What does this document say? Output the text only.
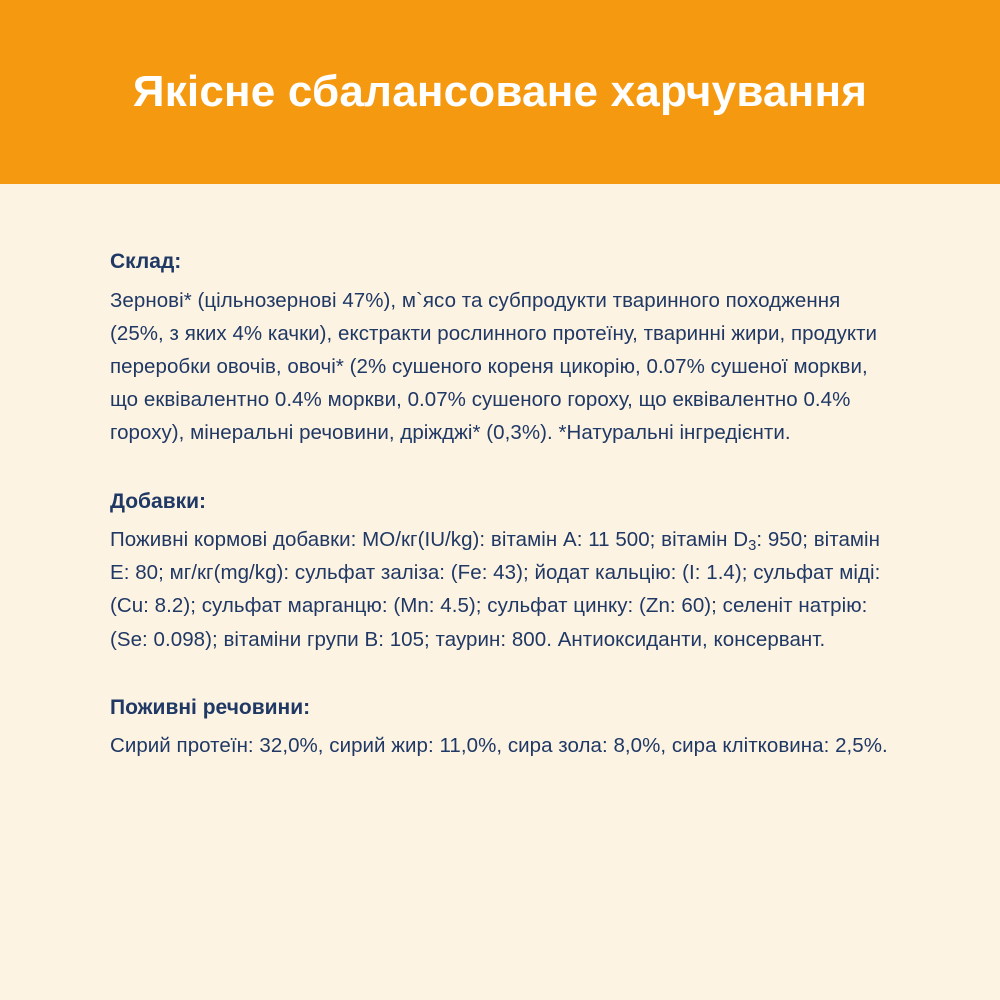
Якісне сбалансоване харчування

Склад:

Зернові* (цільнозернові 47%), м`ясо та субпродукти тваринного походження (25%, з яких 4% качки), екстракти рослинного протеїну, тваринні жири, продукти переробки овочів, овочі* (2% сушеного кореня цикорію, 0.07% сушеної моркви, що еквівалентно 0.4% моркви, 0.07% сушеного гороху, що еквівалентно 0.4% гороху), мінеральні речовини, дріжджі* (0,3%). *Натуральні інгредієнти.

Добавки:

Поживні кормові добавки: МО/кг(IU/kg): вітамін А: 11 500; вітамін $D_3$: 950; вітамін Е: 80; мг/кг(mg/kg): сульфат заліза: (Fe: 43); йодат кальцію: (I: 1.4); сульфат міді: (Cu: 8.2); сульфат марганцю: (Mn: 4.5); сульфат цинку: (Zn: 60); селеніт натрію: (Se: 0.098); вітаміни групи В: 105; таурин: 800. Антиоксиданти, консервант.

Поживні речовини:

Сирий протеїн: 32,0%, сирий жир: 11,0%, сира зола: 8,0%, сира клітковина: 2,5%.
